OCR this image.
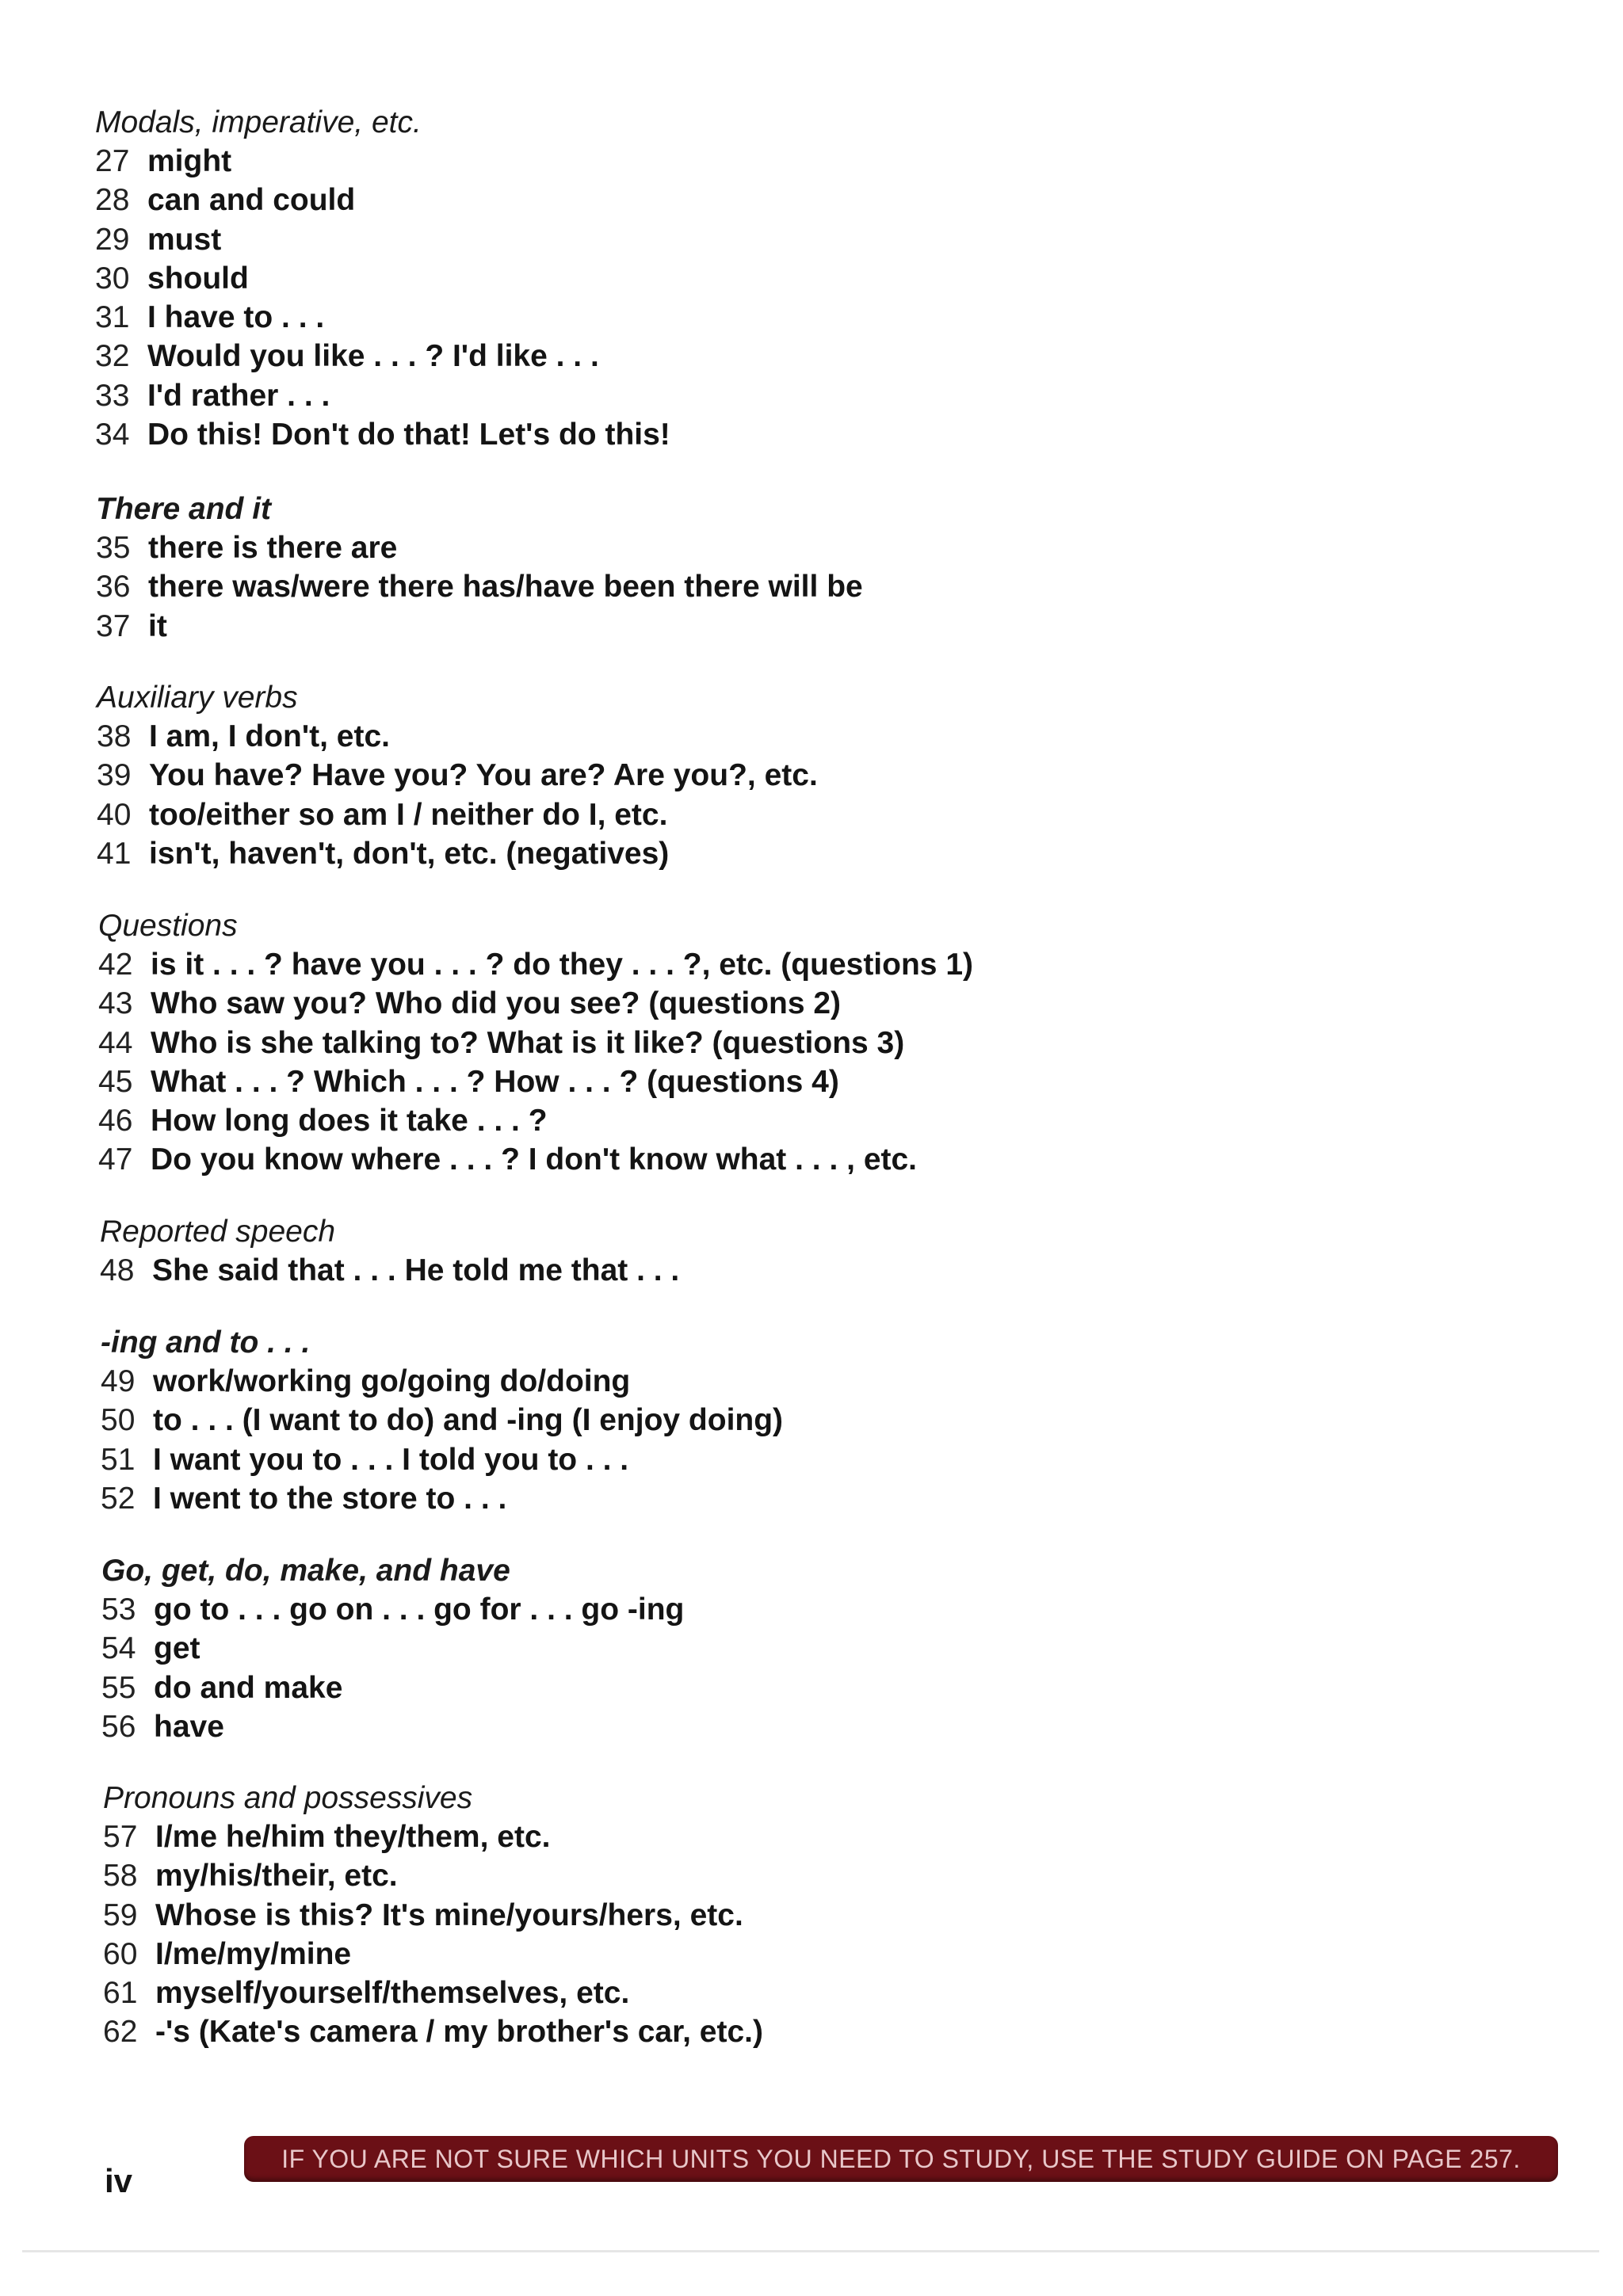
Modals, imperative, etc.
27 might
28 can and could
29 must
30 should
31 I have to . . .
32 Would you like . . . ? I'd like . . .
33 I'd rather . . .
34 Do this! Don't do that! Let's do this!
There and it
35 there is there are
36 there was/were there has/have been there will be
37 it
Auxiliary verbs
38 I am, I don't, etc.
39 You have? Have you? You are? Are you?, etc.
40 too/either so am I / neither do I, etc.
41 isn't, haven't, don't, etc. (negatives)
Questions
42 is it . . . ? have you . . . ? do they . . . ?, etc. (questions 1)
43 Who saw you? Who did you see? (questions 2)
44 Who is she talking to? What is it like? (questions 3)
45 What . . . ? Which . . . ? How . . . ? (questions 4)
46 How long does it take . . . ?
47 Do you know where . . . ? I don't know what . . . , etc.
Reported speech
48 She said that . . . He told me that . . .
-ing and to . . .
49 work/working go/going do/doing
50 to . . . (I want to do) and -ing (I enjoy doing)
51 I want you to . . . I told you to . . .
52 I went to the store to . . .
Go, get, do, make, and have
53 go to . . . go on . . . go for . . . go -ing
54 get
55 do and make
56 have
Pronouns and possessives
57 I/me he/him they/them, etc.
58 my/his/their, etc.
59 Whose is this? It's mine/yours/hers, etc.
60 I/me/my/mine
61 myself/yourself/themselves, etc.
62 -'s (Kate's camera / my brother's car, etc.)
iv
IF YOU ARE NOT SURE WHICH UNITS YOU NEED TO STUDY, USE THE STUDY GUIDE ON PAGE 257.
